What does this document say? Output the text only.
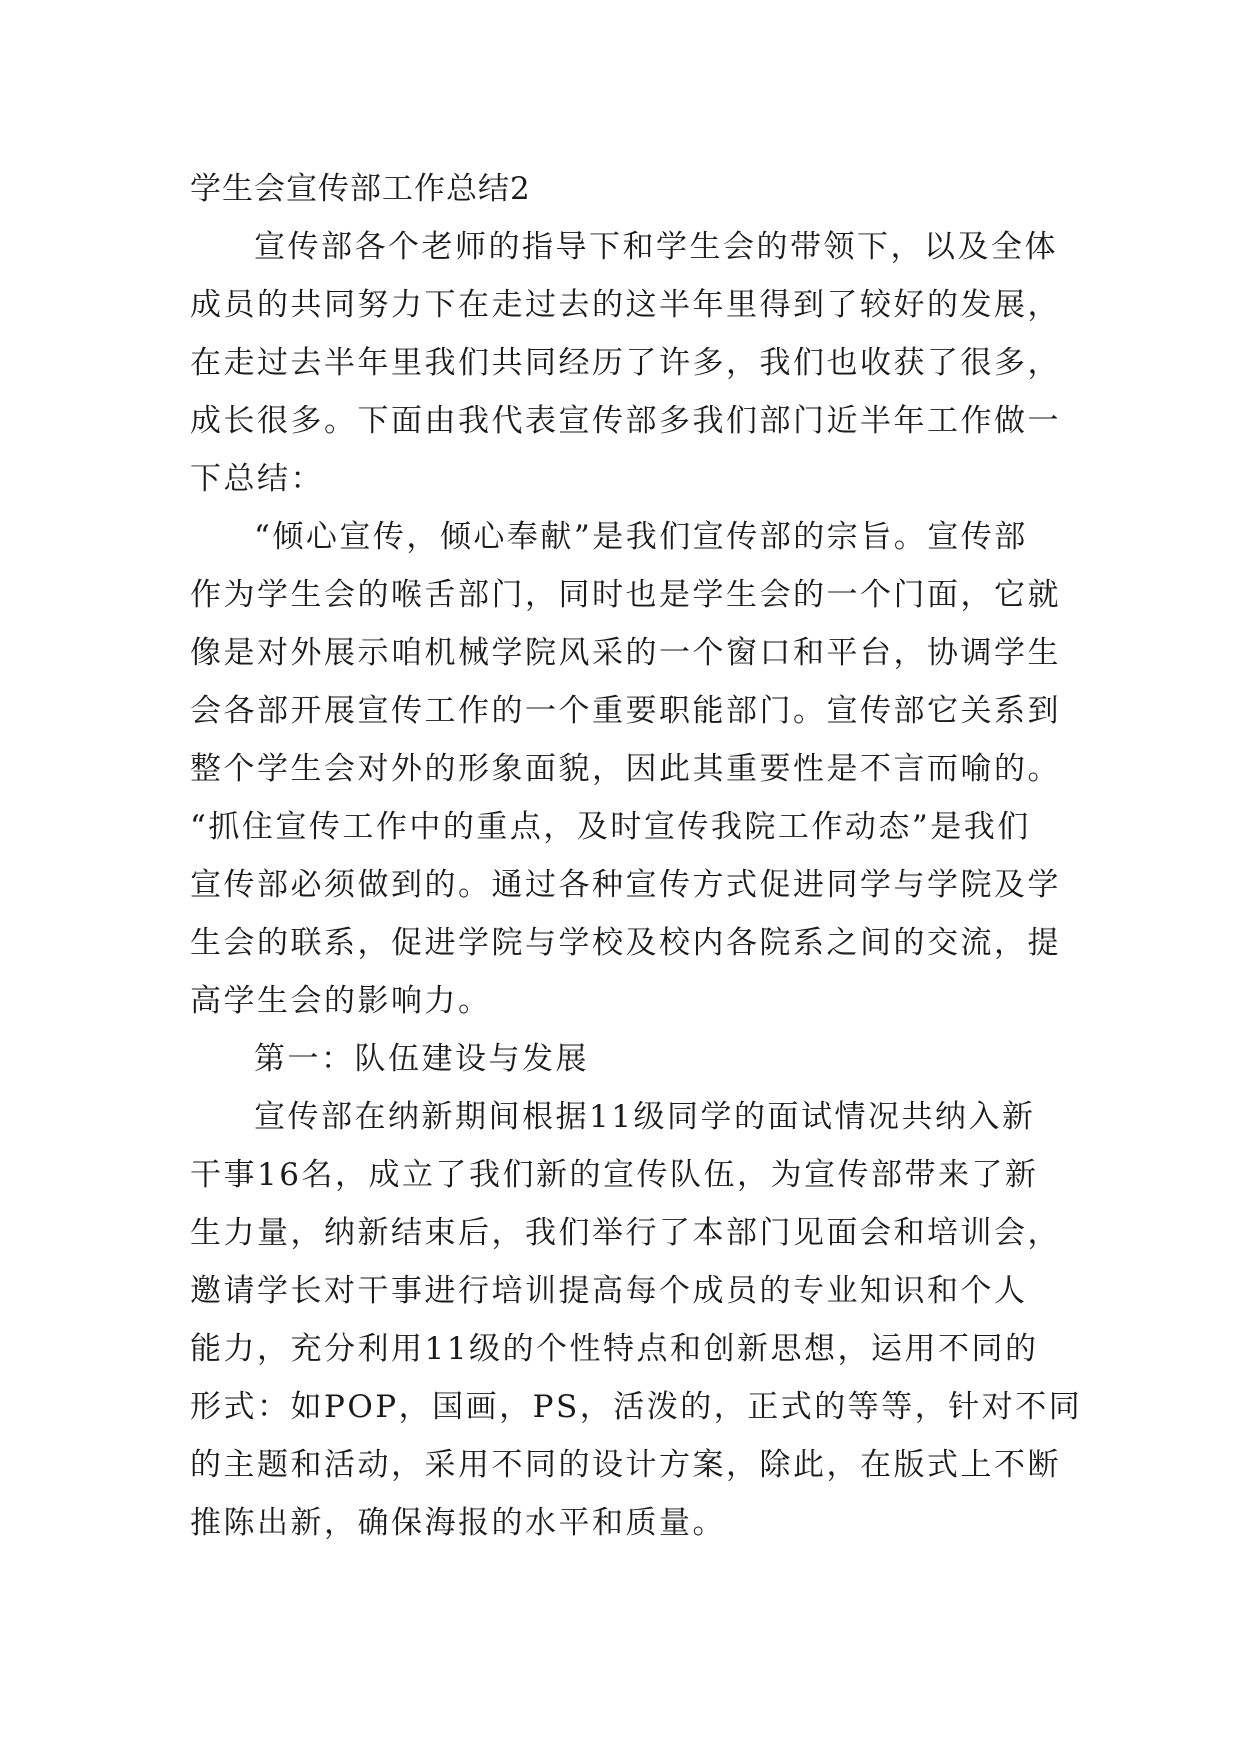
学生会宣传部工作总结2
宣传部各个老师的指导下和学生会的带领下，以及全体
成员的共同努力下在走过去的这半年里得到了较好的发展，
在走过去半年里我们共同经历了许多，我们也收获了很多，
成长很多。下面由我代表宣传部多我们部门近半年工作做一
下总结：
“倾心宣传，倾心奉献”是我们宣传部的宗旨。宣传部
作为学生会的喉舌部门，同时也是学生会的一个门面，它就
像是对外展示咱机械学院风采的一个窗口和平台，协调学生
会各部开展宣传工作的一个重要职能部门。宣传部它关系到
整个学生会对外的形象面貌，因此其重要性是不言而喻的。
“抓住宣传工作中的重点，及时宣传我院工作动态”是我们
宣传部必须做到的。通过各种宣传方式促进同学与学院及学
生会的联系，促进学院与学校及校内各院系之间的交流，提
高学生会的影响力。
第一：队伍建设与发展
宣传部在纳新期间根据11级同学的面试情况共纳入新
干事16名，成立了我们新的宣传队伍，为宣传部带来了新
生力量，纳新结束后，我们举行了本部门见面会和培训会，
邀请学长对干事进行培训提高每个成员的专业知识和个人
能力，充分利用11级的个性特点和创新思想，运用不同的
形式：如POP，国画，PS，活泼的，正式的等等，针对不同
的主题和活动，采用不同的设计方案，除此，在版式上不断
推陈出新，确保海报的水平和质量。
